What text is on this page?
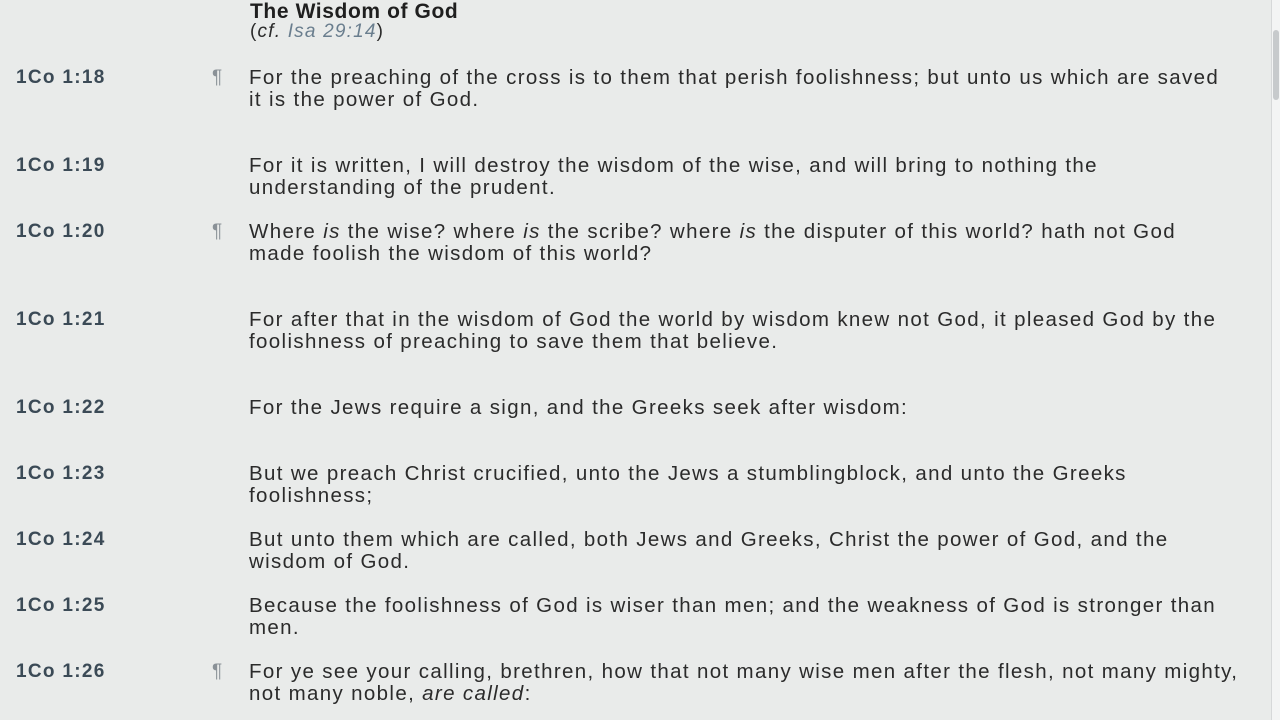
The Wisdom of God
(cf. Isa 29:14)
1Co 1:18	¶ For the preaching of the cross is to them that perish foolishness; but unto us which are saved it is the power of God.
1Co 1:19	For it is written, I will destroy the wisdom of the wise, and will bring to nothing the understanding of the prudent.
1Co 1:20	¶ Where is the wise? where is the scribe? where is the disputer of this world? hath not God made foolish the wisdom of this world?
1Co 1:21	For after that in the wisdom of God the world by wisdom knew not God, it pleased God by the foolishness of preaching to save them that believe.
1Co 1:22	For the Jews require a sign, and the Greeks seek after wisdom:
1Co 1:23	But we preach Christ crucified, unto the Jews a stumblingblock, and unto the Greeks foolishness;
1Co 1:24	But unto them which are called, both Jews and Greeks, Christ the power of God, and the wisdom of God.
1Co 1:25	Because the foolishness of God is wiser than men; and the weakness of God is stronger than men.
1Co 1:26	¶ For ye see your calling, brethren, how that not many wise men after the flesh, not many mighty, not many noble, are called:
